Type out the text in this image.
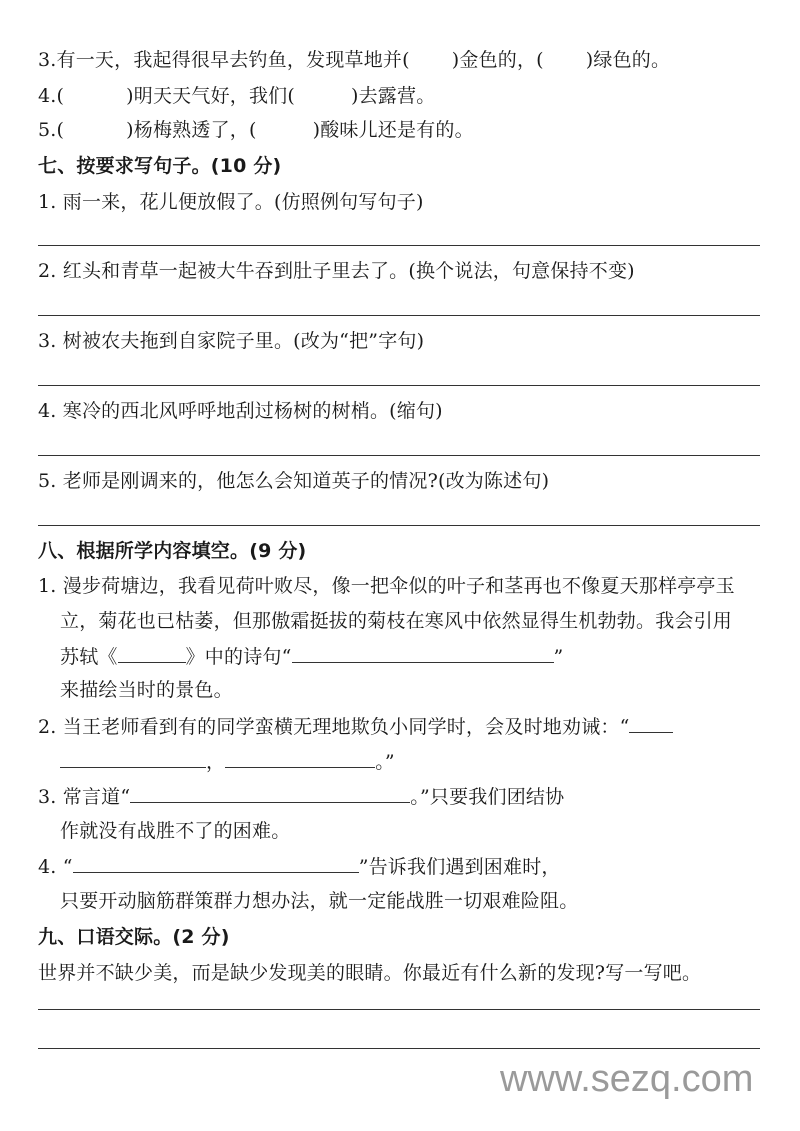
3.有一天，我起得很早去钓鱼，发现草地并( )金色的，( )绿色的。
4.(	)明天天气好，我们(	)去露营。
5.(	)杨梅熟透了，(	)酸味儿还是有的。
七、按要求写句子。(10 分)
1. 雨一来，花儿便放假了。(仿照例句写句子)
2. 红头和青草一起被大牛吞到肚子里去了。(换个说法，句意保持不变)
3. 树被农夫拖到自家院子里。(改为“把”字句)
4. 寒冷的西北风呼呼地刮过杨树的树梢。(缩句)
5. 老师是刚调来的，他怎么会知道英子的情况?(改为陈述句)
八、根据所学内容填空。(9 分)
1. 漫步荷塘边，我看见荷叶败尽，像一把伞似的叶子和茎再也不像夏天那样亭亭玉
立，菊花也已枯萎，但那傲霜挺拔的菊枝在寒风中依然显得生机勃勃。我会引用
苏轼《	》中的诗句“	”
来描绘当时的景色。
2. 当王老师看到有的同学蛮横无理地欺负小同学时，会及时地劝诫：“
，	。”
3. 常言道“	。”只要我们团结协
作就没有战胜不了的困难。
4. “	”告诉我们遇到困难时，
只要开动脑筋群策群力想办法，就一定能战胜一切艰难险阻。
九、口语交际。(2 分)
世界并不缺少美，而是缺少发现美的眼睛。你最近有什么新的发现?写一写吧。
www.sezq.com
